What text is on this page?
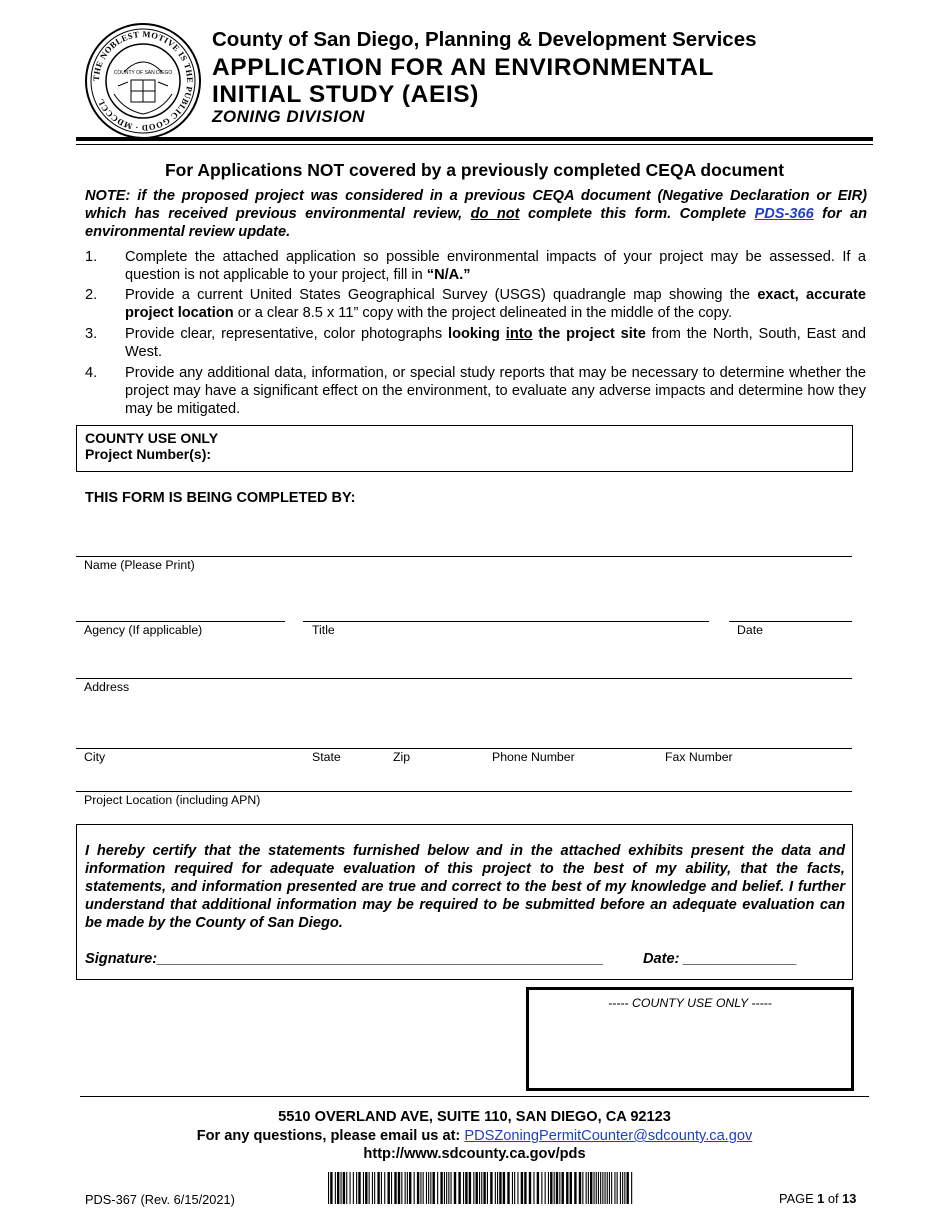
THE NOBLEST MOTIVE IS THE PUBLIC GOOD · MDCCCL
COUNTY OF SAN DIEGO
County of San Diego, Planning & Development Services
APPLICATION FOR AN ENVIRONMENTAL
INITIAL STUDY (AEIS)
ZONING DIVISION
For Applications NOT covered by a previously completed CEQA document
NOTE: if the proposed project was considered in a previous CEQA document (Negative Declaration or EIR) which has received previous environmental review, do not complete this form. Complete PDS-366 for an environmental review update.
1.	Complete the attached application so possible environmental impacts of your project may be assessed. If a question is not applicable to your project, fill in “N/A.”
2.	Provide a current United States Geographical Survey (USGS) quadrangle map showing the exact, accurate project location or a clear 8.5 x 11” copy with the project delineated in the middle of the copy.
3.	Provide clear, representative, color photographs looking into the project site from the North, South, East and West.
4.	Provide any additional data, information, or special study reports that may be necessary to determine whether the project may have a significant effect on the environment, to evaluate any adverse impacts and determine how they may be mitigated.
COUNTY USE ONLY
Project Number(s):
THIS FORM IS BEING COMPLETED BY:
Name (Please Print)
Agency (If applicable)	Title	Date
Address
City	State	Zip	Phone Number	Fax Number
Project Location (including APN)
I hereby certify that the statements furnished below and in the attached exhibits present the data and information required for adequate evaluation of this project to the best of my ability, that the facts, statements, and information presented are true and correct to the best of my knowledge and belief. I further understand that additional information may be required to be submitted before an adequate evaluation can be made by the County of San Diego.
Signature:_______________________________________________________	Date: ______________
----- COUNTY USE ONLY -----
5510 OVERLAND AVE, SUITE 110, SAN DIEGO, CA 92123
For any questions, please email us at: PDSZoningPermitCounter@sdcounty.ca.gov
http://www.sdcounty.ca.gov/pds
PDS-367 (Rev. 6/15/2021)	PAGE 1 of 13
